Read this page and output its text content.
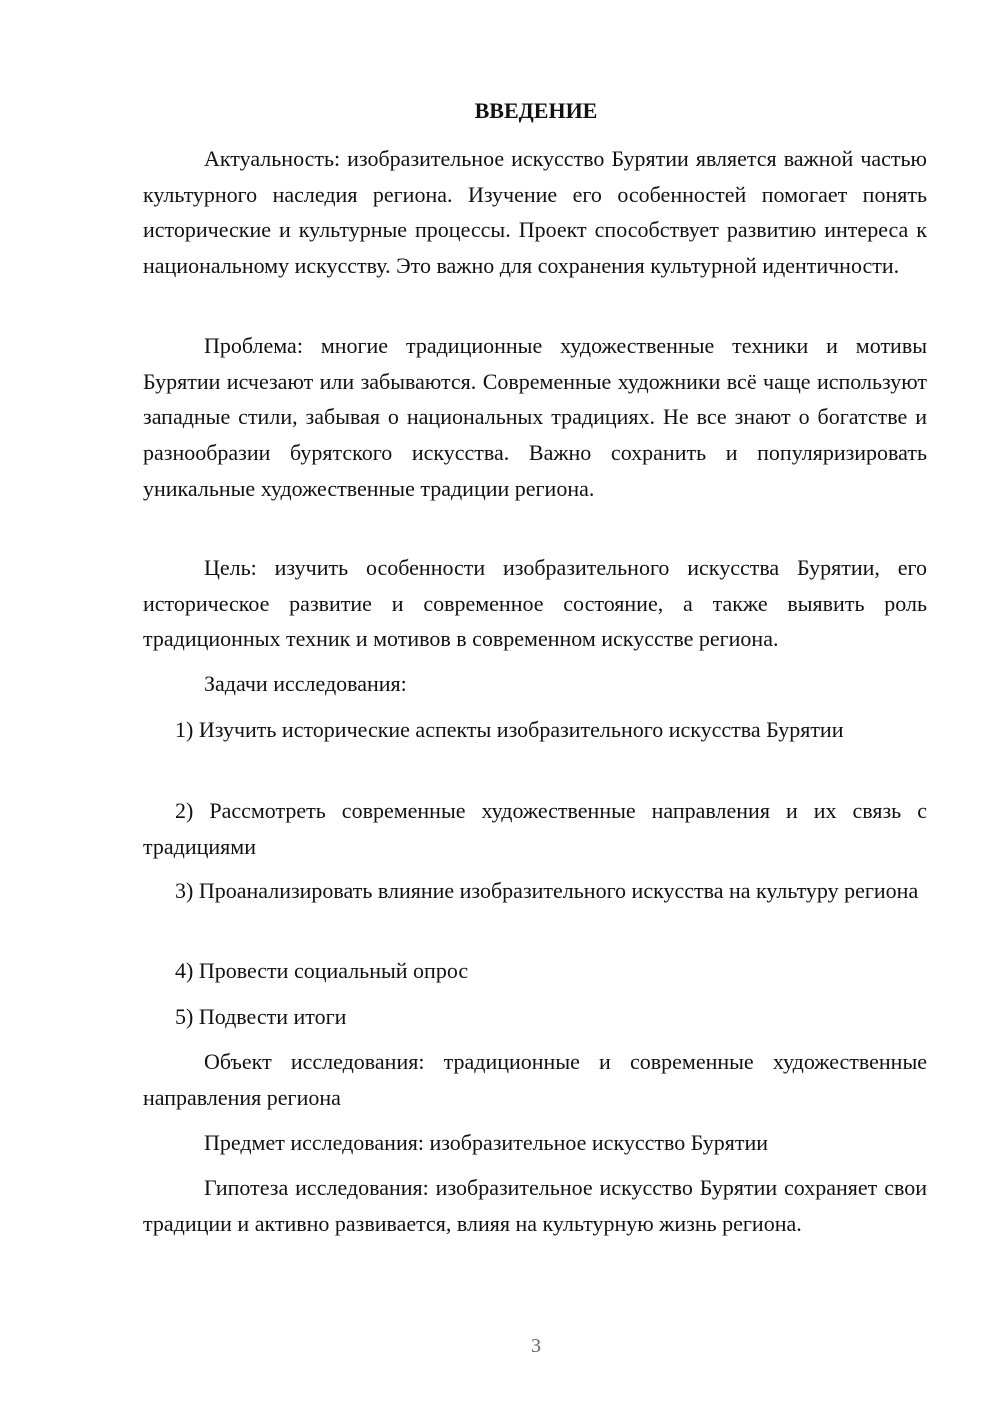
ВВЕДЕНИЕ

Актуальность: изобразительное искусство Бурятии является важной частью культурного наследия региона. Изучение его особенностей помогает понять исторические и культурные процессы. Проект способствует развитию интереса к национальному искусству. Это важно для сохранения культурной идентичности.

Проблема: многие традиционные художественные техники и мотивы Бурятии исчезают или забываются. Современные художники всё чаще используют западные стили, забывая о национальных традициях. Не все знают о богатстве и разнообразии бурятского искусства. Важно сохранить и популяризировать уникальные художественные традиции региона.

Цель: изучить особенности изобразительного искусства Бурятии, его историческое развитие и современное состояние, а также выявить роль традиционных техник и мотивов в современном искусстве региона.

Задачи исследования:

1) Изучить исторические аспекты изобразительного искусства Бурятии

2) Рассмотреть современные художественные направления и их связь с традициями

3) Проанализировать влияние изобразительного искусства на культуру региона

4) Провести социальный опрос

5) Подвести итоги

Объект исследования: традиционные и современные художественные направления региона

Предмет исследования: изобразительное искусство Бурятии

Гипотеза исследования: изобразительное искусство Бурятии сохраняет свои традиции и активно развивается, влияя на культурную жизнь региона.

3
